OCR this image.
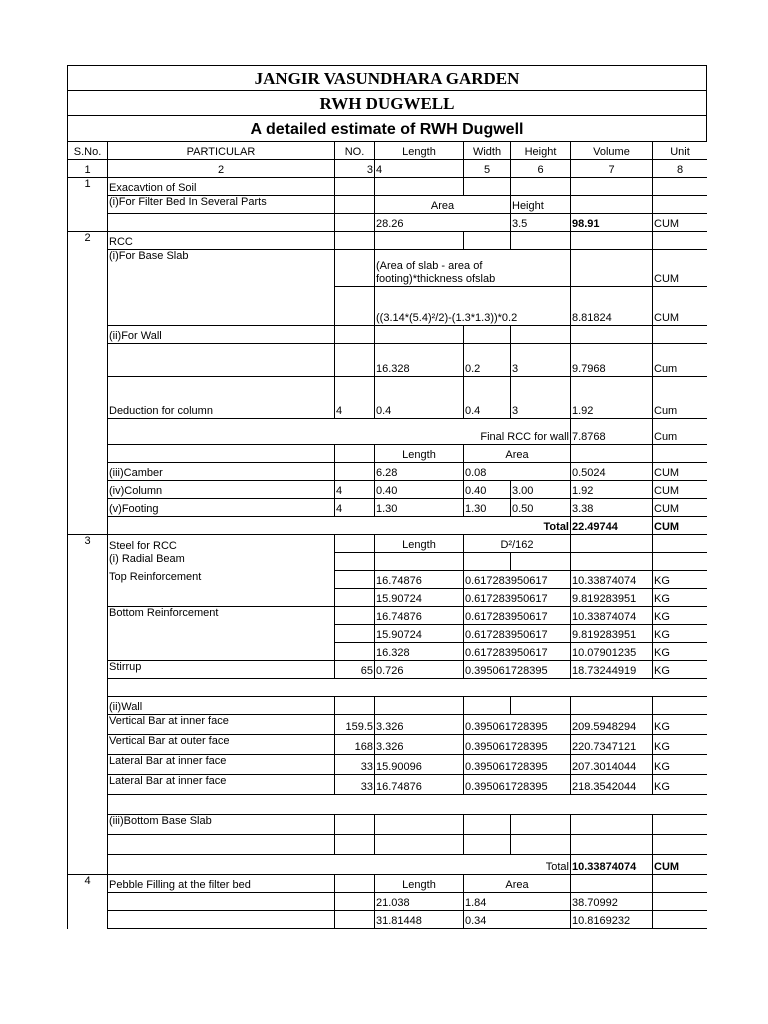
JANGIR VASUNDHARA GARDEN
RWH DUGWELL
A detailed estimate of RWH Dugwell
S.No.	PARTICULAR	NO.	Length	Width	Height	Volume	Unit
1	2	3	4	5	6	7	8
1	Exacavtion of Soil						
	(i)For Filter Bed In Several Parts		Area		Height		
			28.26		3.5	98.91	CUM
2	RCC						
	(i)For Base Slab		(Area of slab - area of footing)*thickness ofslab				CUM
			((3.14*(5.4)²/2)-(1.3*1.3))*0.2			8.81824	CUM
	(ii)For Wall						
			16.328	0.2	3	9.7968	Cum
	Deduction for column	4	0.4	0.4	3	1.92	Cum
	Final RCC for wall					7.8768	Cum
			Length	Area			
	(iii)Camber		6.28	0.08		0.5024	CUM
	(iv)Column	4	0.40	0.40	3.00	1.92	CUM
	(v)Footing	4	1.30	1.30	0.50	3.38	CUM
	Total					22.49744	CUM
3	Steel for RCC		Length	D²/162			
	(i) Radial Beam						
	Top Reinforcement		16.74876	0.617283950617		10.33874074	KG
			15.90724	0.617283950617		9.819283951	KG
	Bottom Reinforcement		16.74876	0.617283950617		10.33874074	KG
			15.90724	0.617283950617		9.819283951	KG
			16.328	0.617283950617		10.07901235	KG
	Stirrup	65	0.726	0.395061728395		18.73244919	KG

	(ii)Wall						
	Vertical Bar at inner face	159.5	3.326	0.395061728395		209.5948294	KG
	Vertical Bar at outer face	168	3.326	0.395061728395		220.7347121	KG
	Lateral Bar at inner face	33	15.90096	0.395061728395		207.3014044	KG
	Lateral Bar at inner face	33	16.74876	0.395061728395		218.3542044	KG

	(iii)Bottom Base Slab						

	Total					10.33874074	CUM
4	Pebble Filling at the filter bed		Length	Area			
			21.038	1.84		38.70992	
			31.81448	0.34		10.8169232	
